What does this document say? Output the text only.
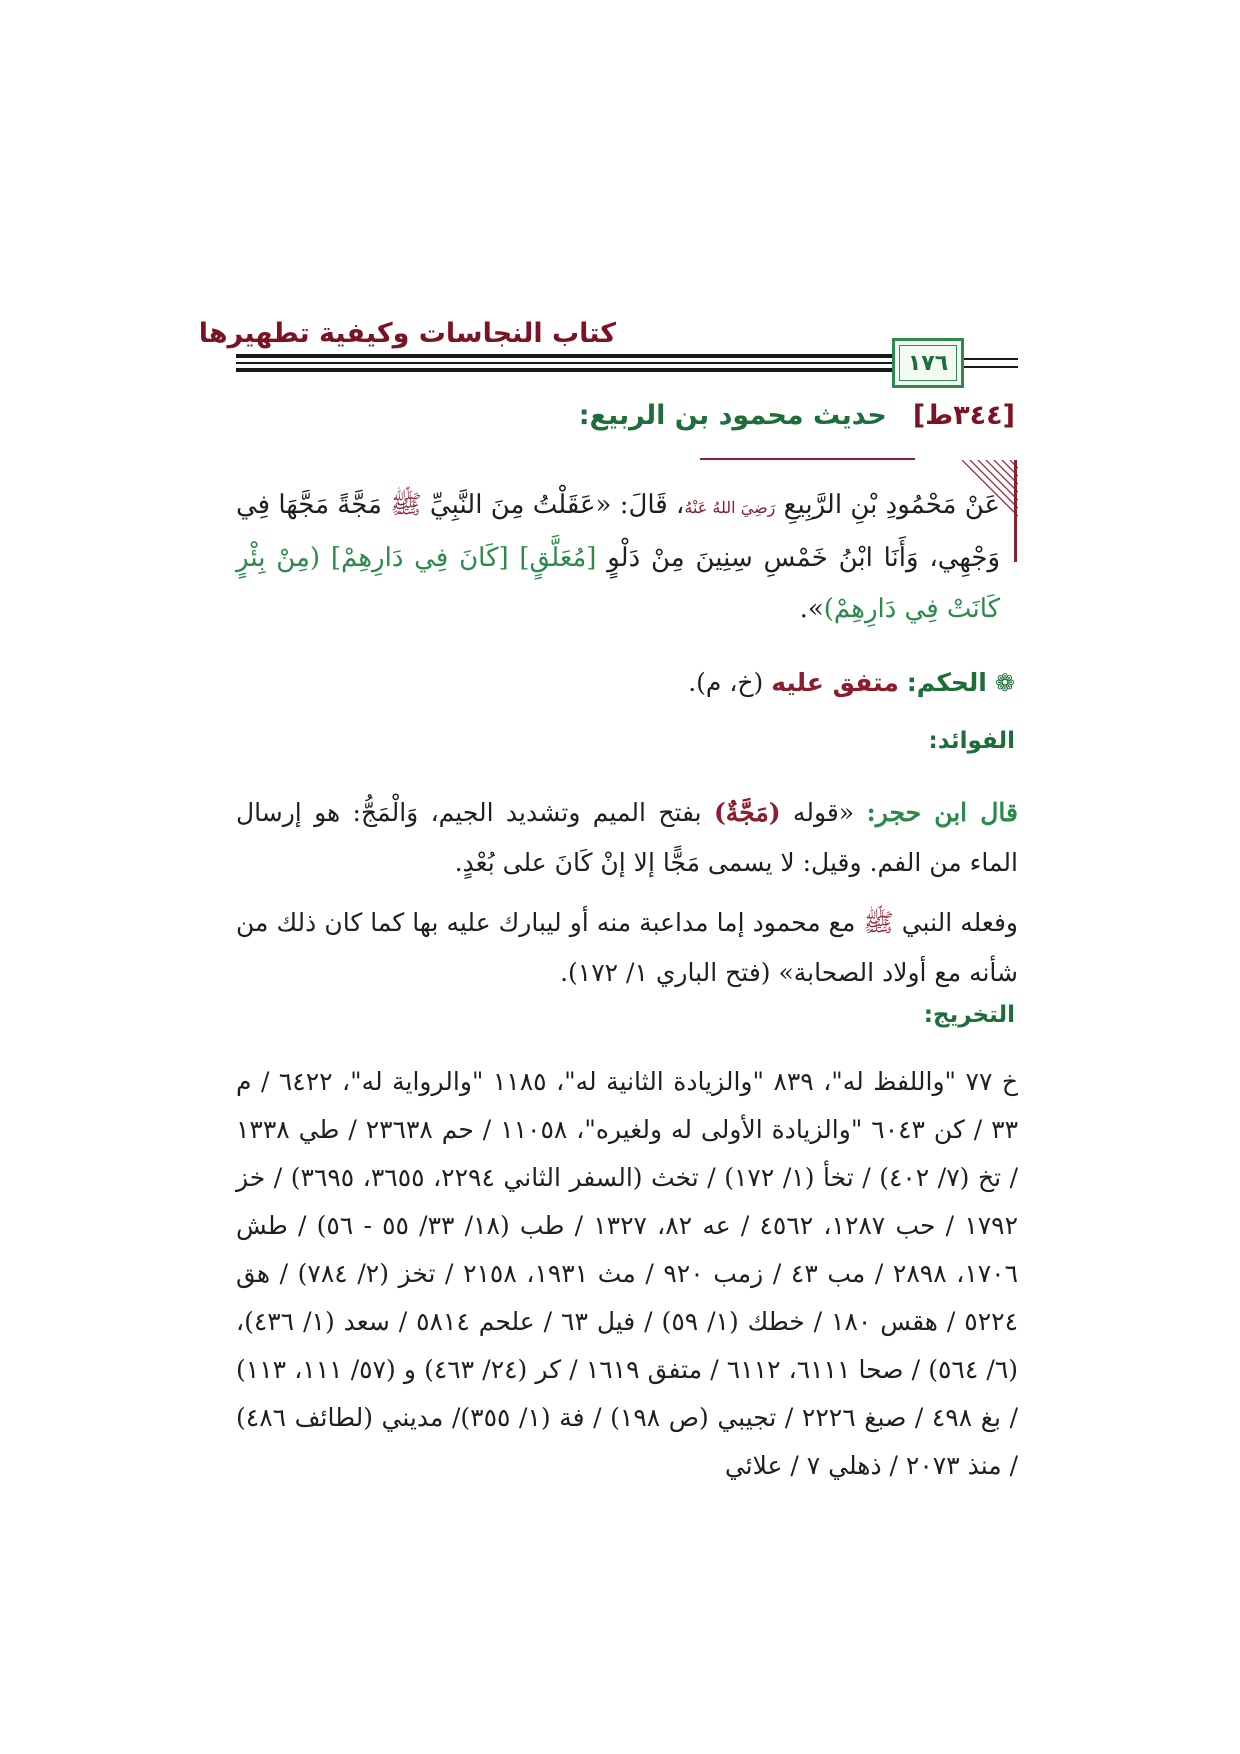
كتاب النجاسات وكيفية تطهيرها
١٧٦
[٣٤٤ط]حديث محمود بن الربيع:
عَنْ مَحْمُودِ بْنِ الرَّبِيعِ رَضِيَ اللهُ عَنْهُ، قَالَ: «عَقَلْتُ مِنَ النَّبِيِّ ﷺ مَجَّةً مَجَّهَا فِي وَجْهِي، وَأَنَا ابْنُ خَمْسِ سِنِينَ مِنْ دَلْوٍ [مُعَلَّقٍ] [كَانَ فِي دَارِهِمْ] (مِنْ بِئْرٍ كَانَتْ فِي دَارِهِمْ)».
❁الحكم: متفق عليه (خ، م).
الفوائد:
قال ابن حجر: «قوله (مَجَّةٌ) بفتح الميم وتشديد الجيم، وَالْمَجُّ: هو إرسال الماء من الفم. وقيل: لا يسمى مَجًّا إلا إنْ كَانَ على بُعْدٍ.
وفعله النبي ﷺ مع محمود إما مداعبة منه أو ليبارك عليه بها كما كان ذلك من شأنه مع أولاد الصحابة» (فتح الباري ١/ ١٧٢).
التخريج:
خ ٧٧ "واللفظ له"، ٨٣٩ "والزيادة الثانية له"، ١١٨٥ "والرواية له"، ٦٤٢٢ / م ٣٣ / كن ٦٠٤٣ "والزيادة الأولى له ولغيره"، ١١٠٥٨ / حم ٢٣٦٣٨ / طي ١٣٣٨ / تخ (٧/ ٤٠٢) / تخأ (١/ ١٧٢) / تخث (السفر الثاني ٢٢٩٤، ٣٦٥٥، ٣٦٩٥) / خز ١٧٩٢ / حب ١٢٨٧، ٤٥٦٢ / عه ٨٢، ١٣٢٧ / طب (١٨/ ٣٣/ ٥٥ - ٥٦) / طش ١٧٠٦، ٢٨٩٨ / مب ٤٣ / زمب ٩٢٠ / مث ١٩٣١، ٢١٥٨ / تخز (٢/ ٧٨٤) / هق ٥٢٢٤ / هقس ١٨٠ / خطك (١/ ٥٩) / فيل ٦٣ / علحم ٥٨١٤ / سعد (١/ ٤٣٦)، (٦/ ٥٦٤) / صحا ٦١١١، ٦١١٢ / متفق ١٦١٩ / كر (٢٤/ ٤٦٣) و (٥٧/ ١١١، ١١٣) / بغ ٤٩٨ / صبغ ٢٢٢٦ / تجيبي (ص ١٩٨) / فة (١/ ٣٥٥)/ مديني (لطائف ٤٨٦) / منذ ٢٠٧٣ / ذهلي ٧ / علائي
